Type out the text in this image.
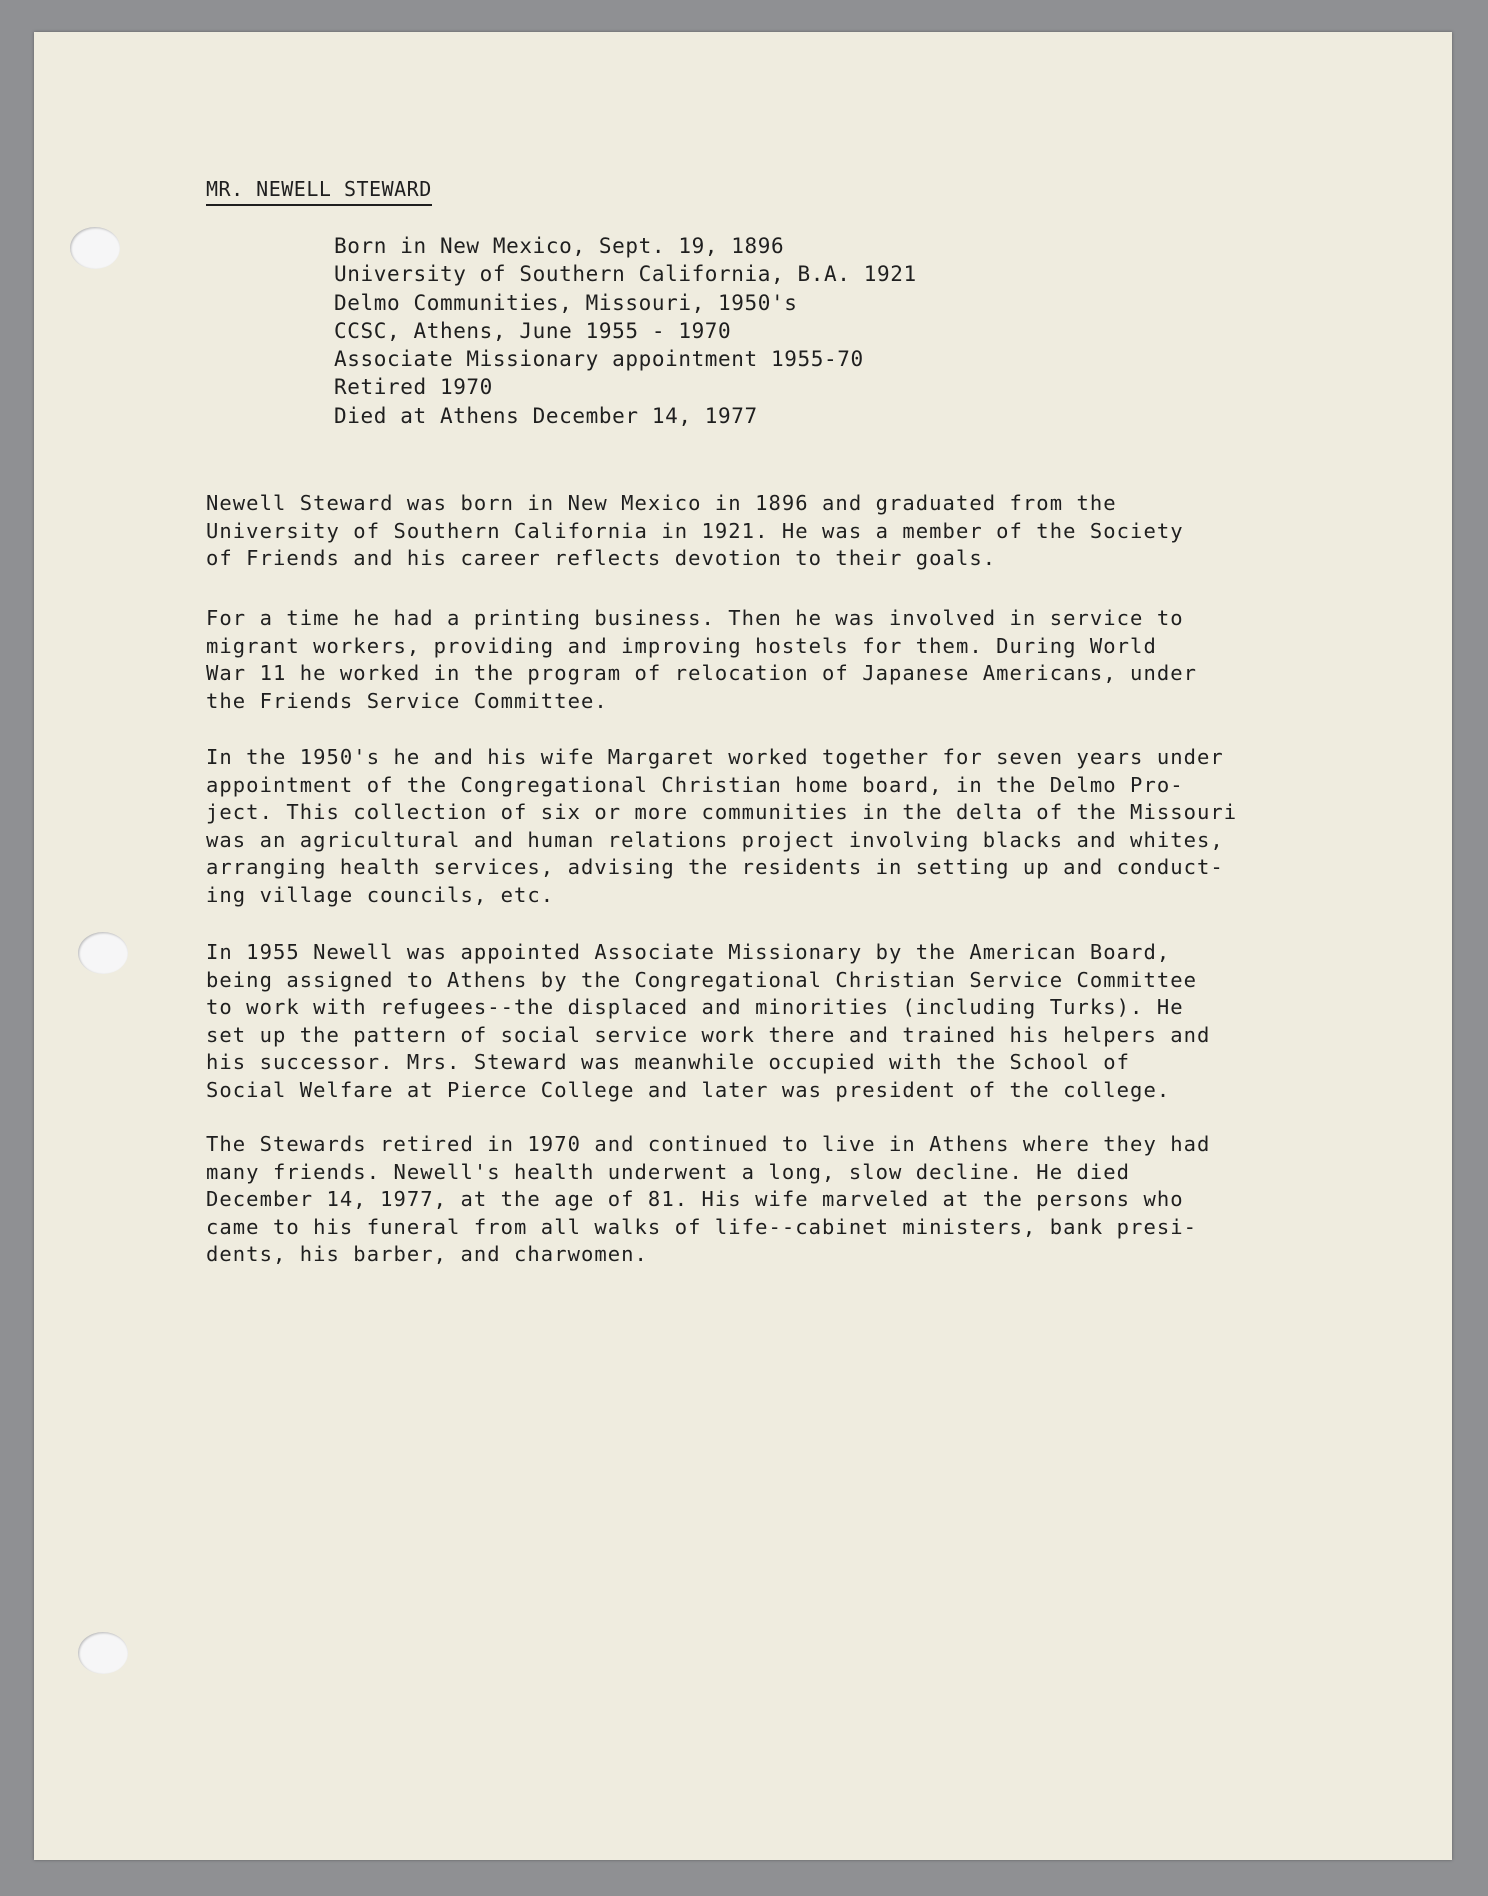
MR. NEWELL STEWARD
Born in New Mexico, Sept. 19, 1896
University of Southern California, B.A. 1921
Delmo Communities, Missouri, 1950's
CCSC, Athens, June 1955 - 1970
Associate Missionary appointment 1955-70
Retired 1970
Died at Athens December 14, 1977
Newell Steward was born in New Mexico in 1896 and graduated from the
University of Southern California in 1921. He was a member of the Society
of Friends and his career reflects devotion to their goals.
For a time he had a printing business. Then he was involved in service to
migrant workers, providing and improving hostels for them. During World
War 11 he worked in the program of relocation of Japanese Americans, under
the Friends Service Committee.
In the 1950's he and his wife Margaret worked together for seven years under
appointment of the Congregational Christian home board, in the Delmo Pro-
ject. This collection of six or more communities in the delta of the Missouri
was an agricultural and human relations project involving blacks and whites,
arranging health services, advising the residents in setting up and conduct-
ing village councils, etc.
In 1955 Newell was appointed Associate Missionary by the American Board,
being assigned to Athens by the Congregational Christian Service Committee
to work with refugees--the displaced and minorities (including Turks). He
set up the pattern of social service work there and trained his helpers and
his successor. Mrs. Steward was meanwhile occupied with the School of
Social Welfare at Pierce College and later was president of the college.
The Stewards retired in 1970 and continued to live in Athens where they had
many friends. Newell's health underwent a long, slow decline. He died
December 14, 1977, at the age of 81. His wife marveled at the persons who
came to his funeral from all walks of life--cabinet ministers, bank presi-
dents, his barber, and charwomen.
